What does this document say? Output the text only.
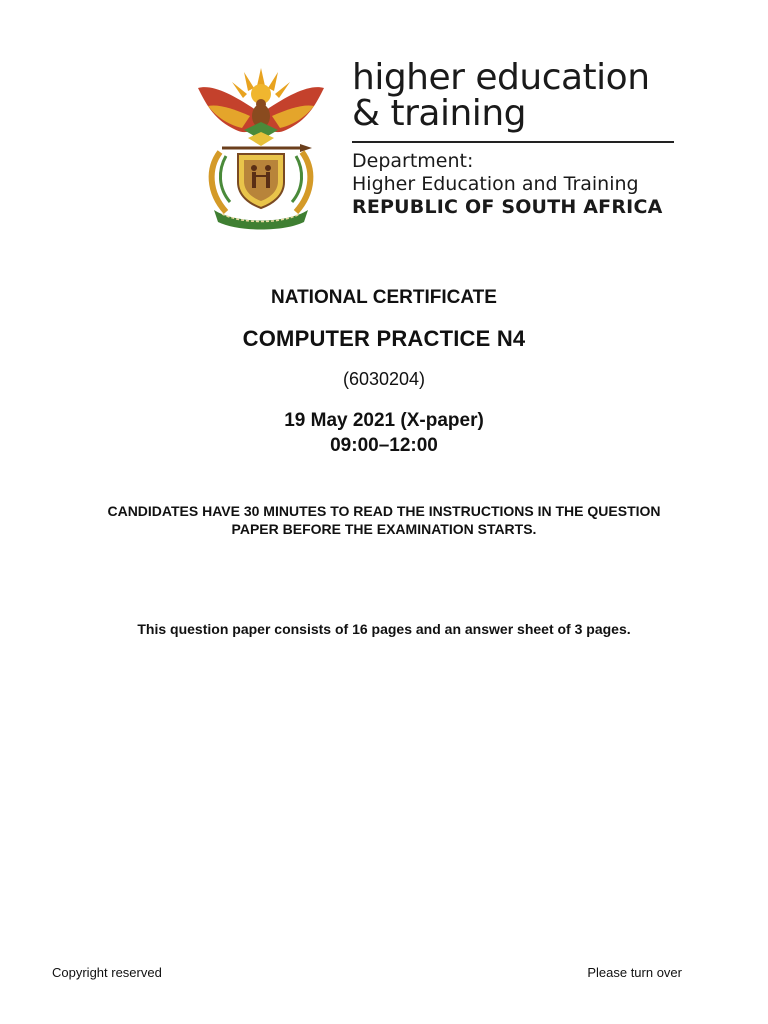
higher education
& training
Department:
Higher Education and Training
REPUBLIC OF SOUTH AFRICA
NATIONAL CERTIFICATE
COMPUTER PRACTICE N4
(6030204)
19 May 2021 (X-paper)
09:00–12:00
CANDIDATES HAVE 30 MINUTES TO READ THE INSTRUCTIONS IN THE QUESTION
PAPER BEFORE THE EXAMINATION STARTS.
This question paper consists of 16 pages and an answer sheet of 3 pages.
Copyright reserved	Please turn over
